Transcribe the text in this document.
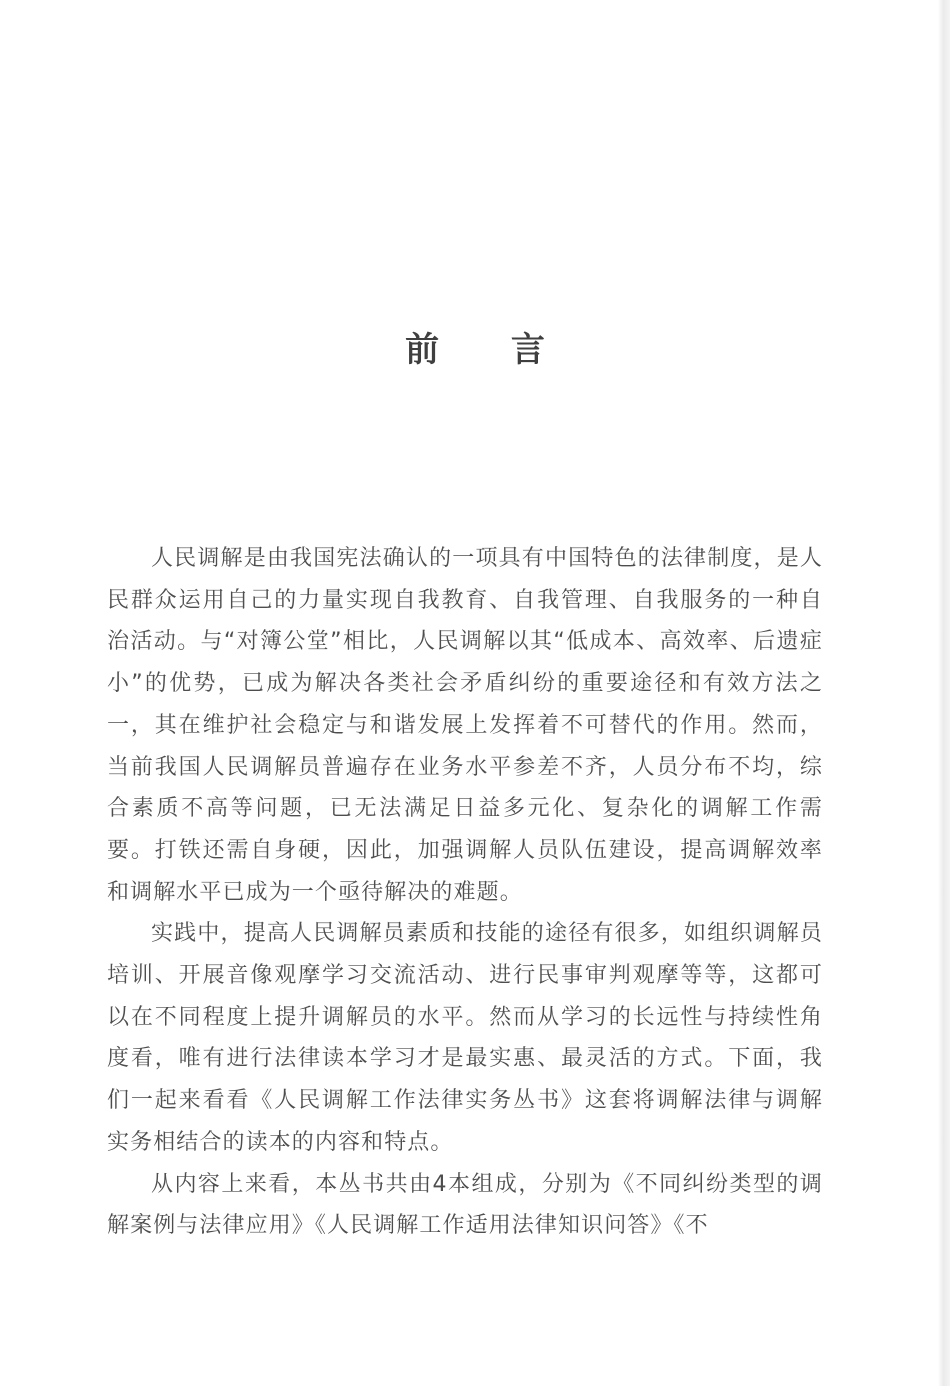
前 言

人民调解是由我国宪法确认的一项具有中国特色的法律制度，是人民群众运用自己的力量实现自我教育、自我管理、自我服务的一种自治活动。与“对簿公堂”相比，人民调解以其“低成本、高效率、后遗症小”的优势，已成为解决各类社会矛盾纠纷的重要途径和有效方法之一，其在维护社会稳定与和谐发展上发挥着不可替代的作用。然而，当前我国人民调解员普遍存在业务水平参差不齐，人员分布不均，综合素质不高等问题，已无法满足日益多元化、复杂化的调解工作需要。打铁还需自身硬，因此，加强调解人员队伍建设，提高调解效率和调解水平已成为一个亟待解决的难题。

实践中，提高人民调解员素质和技能的途径有很多，如组织调解员培训、开展音像观摩学习交流活动、进行民事审判观摩等等，这都可以在不同程度上提升调解员的水平。然而从学习的长远性与持续性角度看，唯有进行法律读本学习才是最实惠、最灵活的方式。下面，我们一起来看看《人民调解工作法律实务丛书》这套将调解法律与调解实务相结合的读本的内容和特点。

从内容上来看，本丛书共由4本组成，分别为《不同纠纷类型的调解案例与法律应用》《人民调解工作适用法律知识问答》《不
